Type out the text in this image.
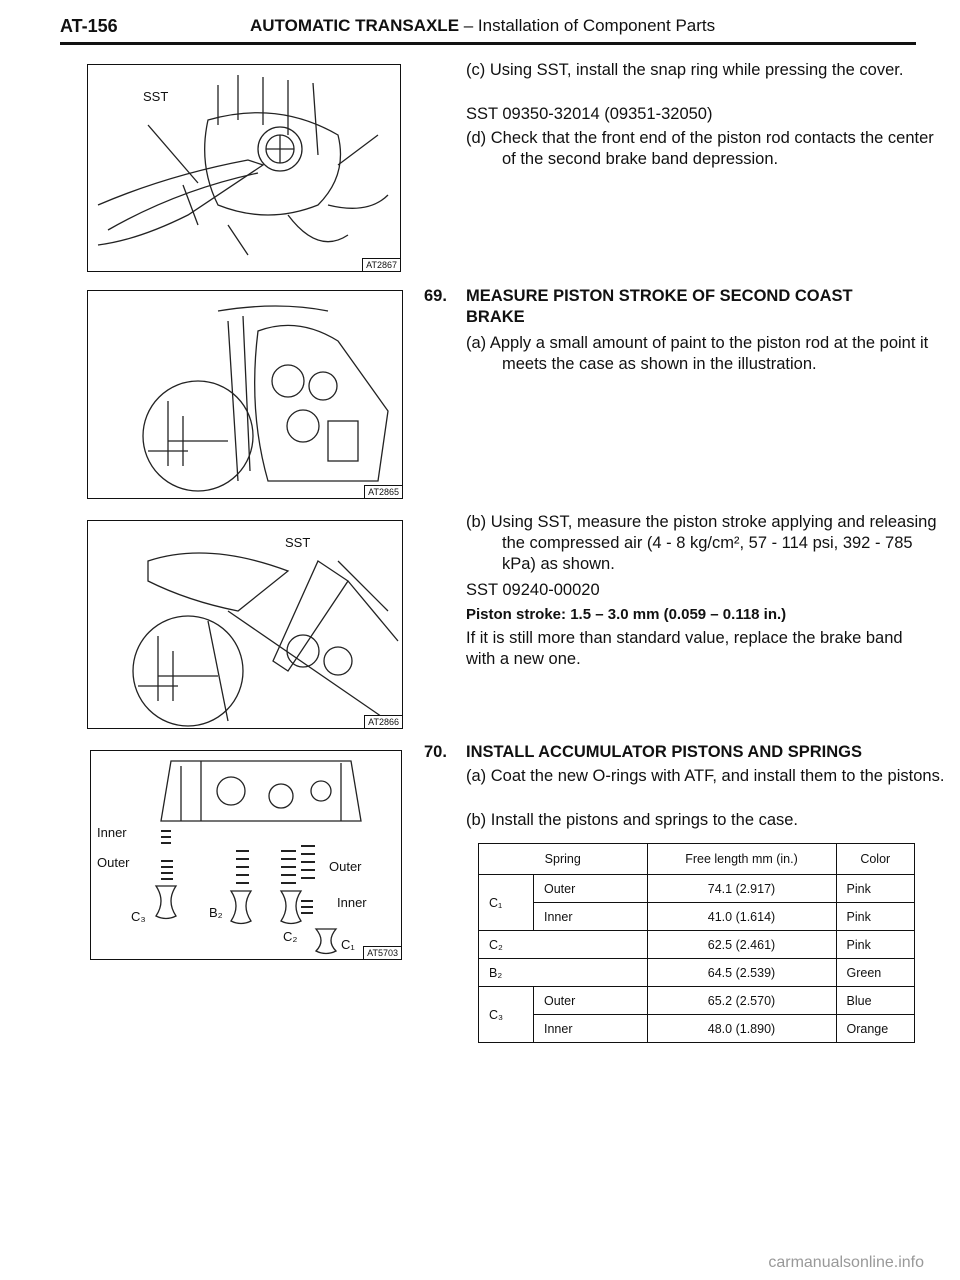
AT-156	AUTOMATIC TRANSAXLE – Installation of Component Parts
SST
AT2867
AT2865
SST
AT2866
Inner
Outer	Outer
Inner
C₃	B₂
C₂
C₁
AT5703
(c) Using SST, install the snap ring while pressing the cover.
SST 09350-32014 (09351-32050)
(d) Check that the front end of the piston rod contacts the center of the second brake band depression.
69. MEASURE PISTON STROKE OF SECOND COAST BRAKE
(a) Apply a small amount of paint to the piston rod at the point it meets the case as shown in the illustration.
(b) Using SST, measure the piston stroke applying and releasing the compressed air (4 - 8 kg/cm², 57 - 114 psi, 392 - 785 kPa) as shown.
SST 09240-00020
Piston stroke: 1.5 – 3.0 mm (0.059 – 0.118 in.)
If it is still more than standard value, replace the brake band with a new one.
70. INSTALL ACCUMULATOR PISTONS AND SPRINGS
(a) Coat the new O-rings with ATF, and install them to the pistons.
(b) Install the pistons and springs to the case.
Spring		Free length mm (in.)	Color
C₁	Outer	74.1 (2.917)	Pink
	Inner	41.0 (1.614)	Pink
C₂		62.5 (2.461)	Pink
B₂		64.5 (2.539)	Green
C₃	Outer	65.2 (2.570)	Blue
	Inner	48.0 (1.890)	Orange
carmanualsonline.info
